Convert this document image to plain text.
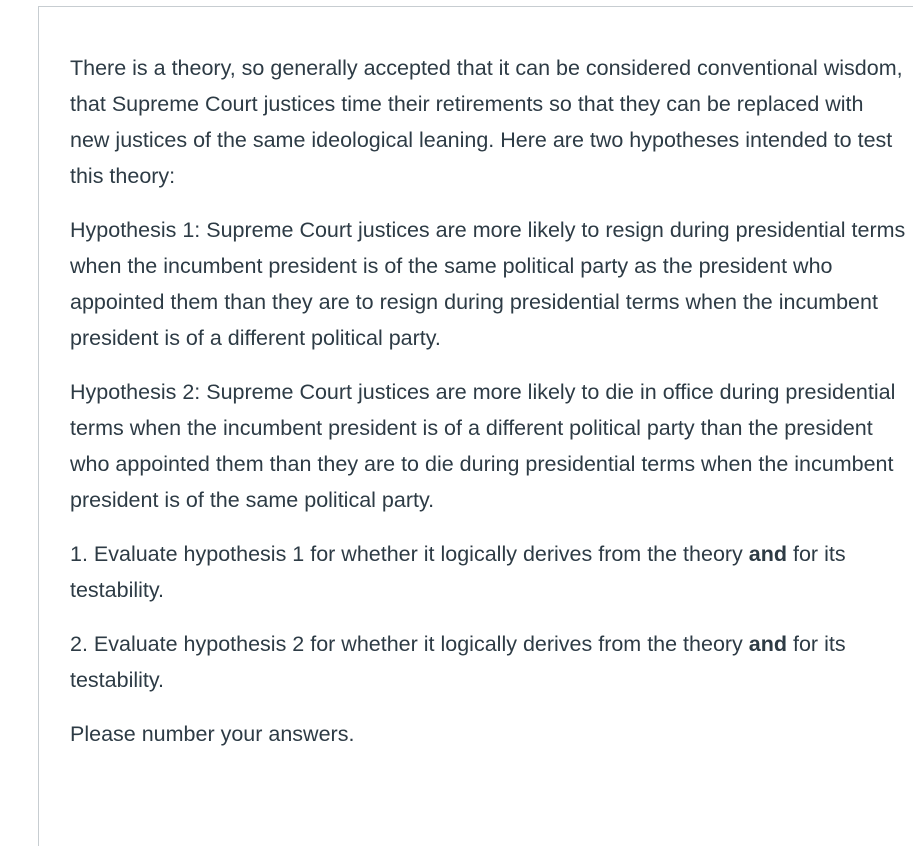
There is a theory, so generally accepted that it can be considered conventional wisdom, that Supreme Court justices time their retirements so that they can be replaced with new justices of the same ideological leaning. Here are two hypotheses intended to test this theory:

Hypothesis 1: Supreme Court justices are more likely to resign during presidential terms when the incumbent president is of the same political party as the president who appointed them than they are to resign during presidential terms when the incumbent president is of a different political party.

Hypothesis 2: Supreme Court justices are more likely to die in office during presidential terms when the incumbent president is of a different political party than the president who appointed them than they are to die during presidential terms when the incumbent president is of the same political party.

1. Evaluate hypothesis 1 for whether it logically derives from the theory and for its testability.

2. Evaluate hypothesis 2 for whether it logically derives from the theory and for its testability.

Please number your answers.
